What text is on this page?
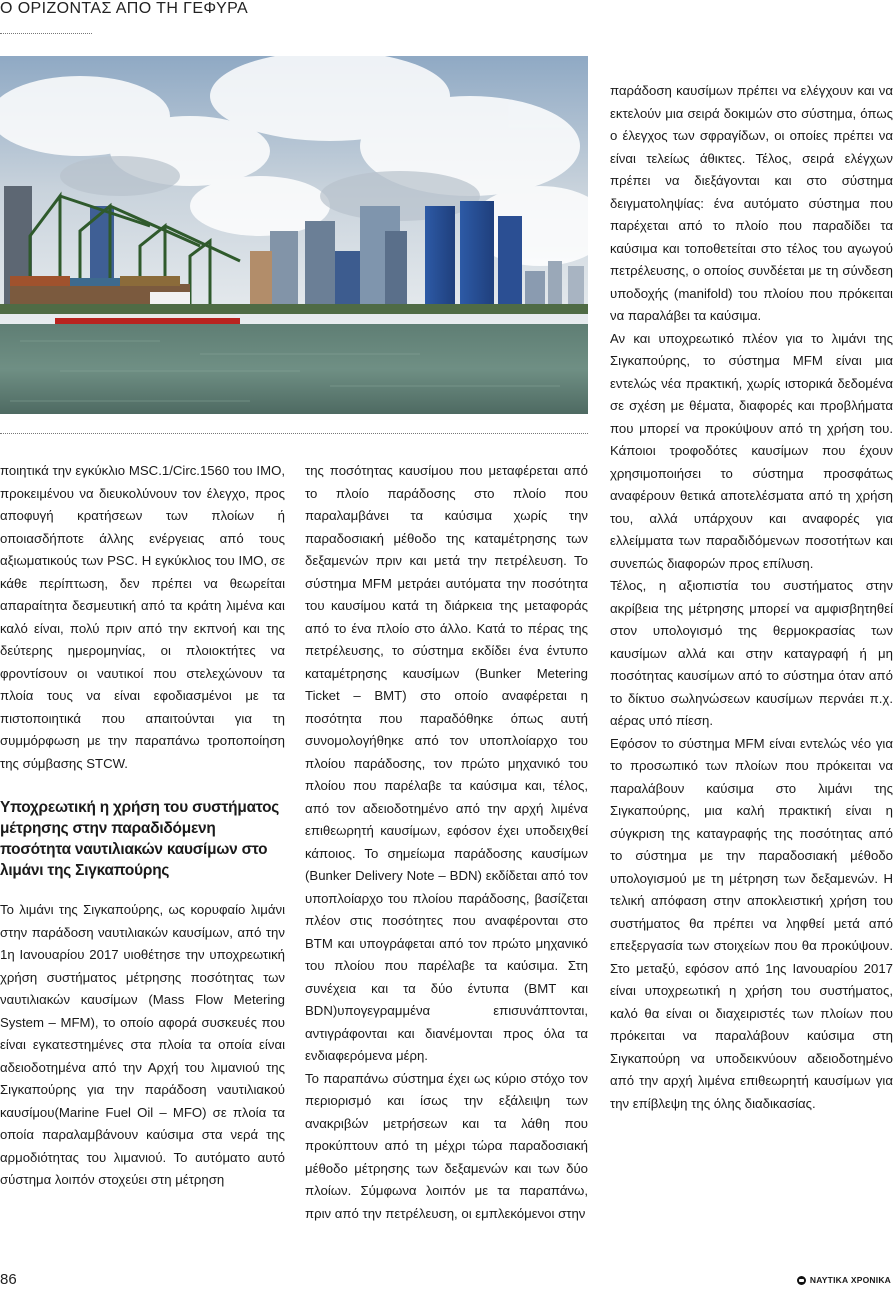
Ο ΟΡΙΖΟΝΤΑΣ ΑΠΟ ΤΗ ΓΕΦΥΡΑ

ποιητικά την εγκύκλιο MSC.1/Circ.1560 του ΙΜΟ, προκειμένου να διευκολύνουν τον έλεγχο, προς αποφυγή κρατήσεων των πλοίων ή οποιασδήποτε άλλης ενέργειας από τους αξιωματικούς των PSC. Η εγκύκλιος του ΙΜΟ, σε κάθε περίπτωση, δεν πρέπει να θεωρείται απαραίτητα δεσμευτική από τα κράτη λιμένα και καλό είναι, πολύ πριν από την εκπνοή και της δεύτερης ημερομηνίας, οι πλοιοκτήτες να φροντίσουν οι ναυτικοί που στελεχώνουν τα πλοία τους να είναι εφοδιασμένοι με τα πιστοποιητικά που απαιτούνται για τη συμμόρφωση με την παραπάνω τροποποίηση της σύμβασης STCW.

Υποχρεωτική η χρήση του συστήματος μέτρησης στην παραδιδόμενη ποσότητα ναυτιλιακών καυσίμων στο λιμάνι της Σιγκαπούρης

Το λιμάνι της Σιγκαπούρης, ως κορυφαίο λιμάνι στην παράδοση ναυτιλιακών καυσίμων, από την 1η Ιανουαρίου 2017 υιοθέτησε την υποχρεωτική χρήση συστήματος μέτρησης ποσότητας των ναυτιλιακών καυσίμων (Mass Flow Metering System – MFM), το οποίο αφορά συσκευές που είναι εγκατεστημένες στα πλοία τα οποία είναι αδειοδοτημένα από την Αρχή του λιμανιού της Σιγκαπούρης για την παράδοση ναυτιλιακού καυσίμου(Marine Fuel Oil – MFO) σε πλοία τα οποία παραλαμβάνουν καύσιμα στα νερά της αρμοδιότητας του λιμανιού. Το αυτόματο αυτό σύστημα λοιπόν στοχεύει στη μέτρηση

της ποσότητας καυσίμου που μεταφέρεται από το πλοίο παράδοσης στο πλοίο που παραλαμβάνει τα καύσιμα χωρίς την παραδοσιακή μέθοδο της καταμέτρησης των δεξαμενών πριν και μετά την πετρέλευση. Το σύστημα MFM μετράει αυτόματα την ποσότητα του καυσίμου κατά τη διάρκεια της μεταφοράς από το ένα πλοίο στο άλλο. Κατά το πέρας της πετρέλευσης, το σύστημα εκδίδει ένα έντυπο καταμέτρησης καυσίμων (Bunker Metering Ticket – BMT) στο οποίο αναφέρεται η ποσότητα που παραδόθηκε όπως αυτή συνομολογήθηκε από τον υποπλοίαρχο του πλοίου παράδοσης, τον πρώτο μηχανικό του πλοίου που παρέλαβε τα καύσιμα και, τέλος, από τον αδειοδοτημένο από την αρχή λιμένα επιθεωρητή καυσίμων, εφόσον έχει υποδειχθεί κάποιος. Το σημείωμα παράδοσης καυσίμων (Bunker Delivery Note – BDN) εκδίδεται από τον υποπλοίαρχο του πλοίου παράδοσης, βασίζεται πλέον στις ποσότητες που αναφέρονται στο ΒΤΜ και υπογράφεται από τον πρώτο μηχανικό του πλοίου που παρέλαβε τα καύσιμα. Στη συνέχεια και τα δύο έντυπα (ΒΜΤ και BDN)υπογεγραμμένα επισυνάπτονται, αντιγράφονται και διανέμονται προς όλα τα ενδιαφερόμενα μέρη.

Το παραπάνω σύστημα έχει ως κύριο στόχο τον περιορισμό και ίσως την εξάλειψη των ανακριβών μετρήσεων και τα λάθη που προκύπτουν από τη μέχρι τώρα παραδοσιακή μέθοδο μέτρησης των δεξαμενών και των δύο πλοίων. Σύμφωνα λοιπόν με τα παραπάνω, πριν από την πετρέλευση, οι εμπλεκόμενοι στην

παράδοση καυσίμων πρέπει να ελέγχουν και να εκτελούν μια σειρά δοκιμών στο σύστημα, όπως ο έλεγχος των σφραγίδων, οι οποίες πρέπει να είναι τελείως άθικτες. Τέλος, σειρά ελέγχων πρέπει να διεξάγονται και στο σύστημα δειγματοληψίας: ένα αυτόματο σύστημα που παρέχεται από το πλοίο που παραδίδει τα καύσιμα και τοποθετείται στο τέλος του αγωγού πετρέλευσης, ο οποίος συνδέεται με τη σύνδεση υποδοχής (manifold) του πλοίου που πρόκειται να παραλάβει τα καύσιμα.

Αν και υποχρεωτικό πλέον για το λιμάνι της Σιγκαπούρης, το σύστημα MFM είναι μια εντελώς νέα πρακτική, χωρίς ιστορικά δεδομένα σε σχέση με θέματα, διαφορές και προβλήματα που μπορεί να προκύψουν από τη χρήση του. Κάποιοι τροφοδότες καυσίμων που έχουν χρησιμοποιήσει το σύστημα προσφάτως αναφέρουν θετικά αποτελέσματα από τη χρήση του, αλλά υπάρχουν και αναφορές για ελλείμματα των παραδιδόμενων ποσοτήτων και συνεπώς διαφορών προς επίλυση.

Τέλος, η αξιοπιστία του συστήματος στην ακρίβεια της μέτρησης μπορεί να αμφισβητηθεί στον υπολογισμό της θερμοκρασίας των καυσίμων αλλά και στην καταγραφή ή μη ποσότητας καυσίμων από το σύστημα όταν από το δίκτυο σωληνώσεων καυσίμων περνάει π.χ. αέρας υπό πίεση.

Εφόσον το σύστημα MFM είναι εντελώς νέο για το προσωπικό των πλοίων που πρόκειται να παραλάβουν καύσιμα στο λιμάνι της Σιγκαπούρης, μια καλή πρακτική είναι η σύγκριση της καταγραφής της ποσότητας από το σύστημα με την παραδοσιακή μέθοδο υπολογισμού με τη μέτρηση των δεξαμενών. Η τελική απόφαση στην αποκλειστική χρήση του συστήματος θα πρέπει να ληφθεί μετά από επεξεργασία των στοιχείων που θα προκύψουν. Στο μεταξύ, εφόσον από 1ης Ιανουαρίου 2017 είναι υποχρεωτική η χρήση του συστήματος, καλό θα είναι οι διαχειριστές των πλοίων που πρόκειται να παραλάβουν καύσιμα στη Σιγκαπούρη να υποδεικνύουν αδειοδοτημένο από την αρχή λιμένα επιθεωρητή καυσίμων για την επίβλεψη της όλης διαδικασίας.

86	ΝΑΥΤΙΚΑ ΧΡΟΝΙΚΑ
